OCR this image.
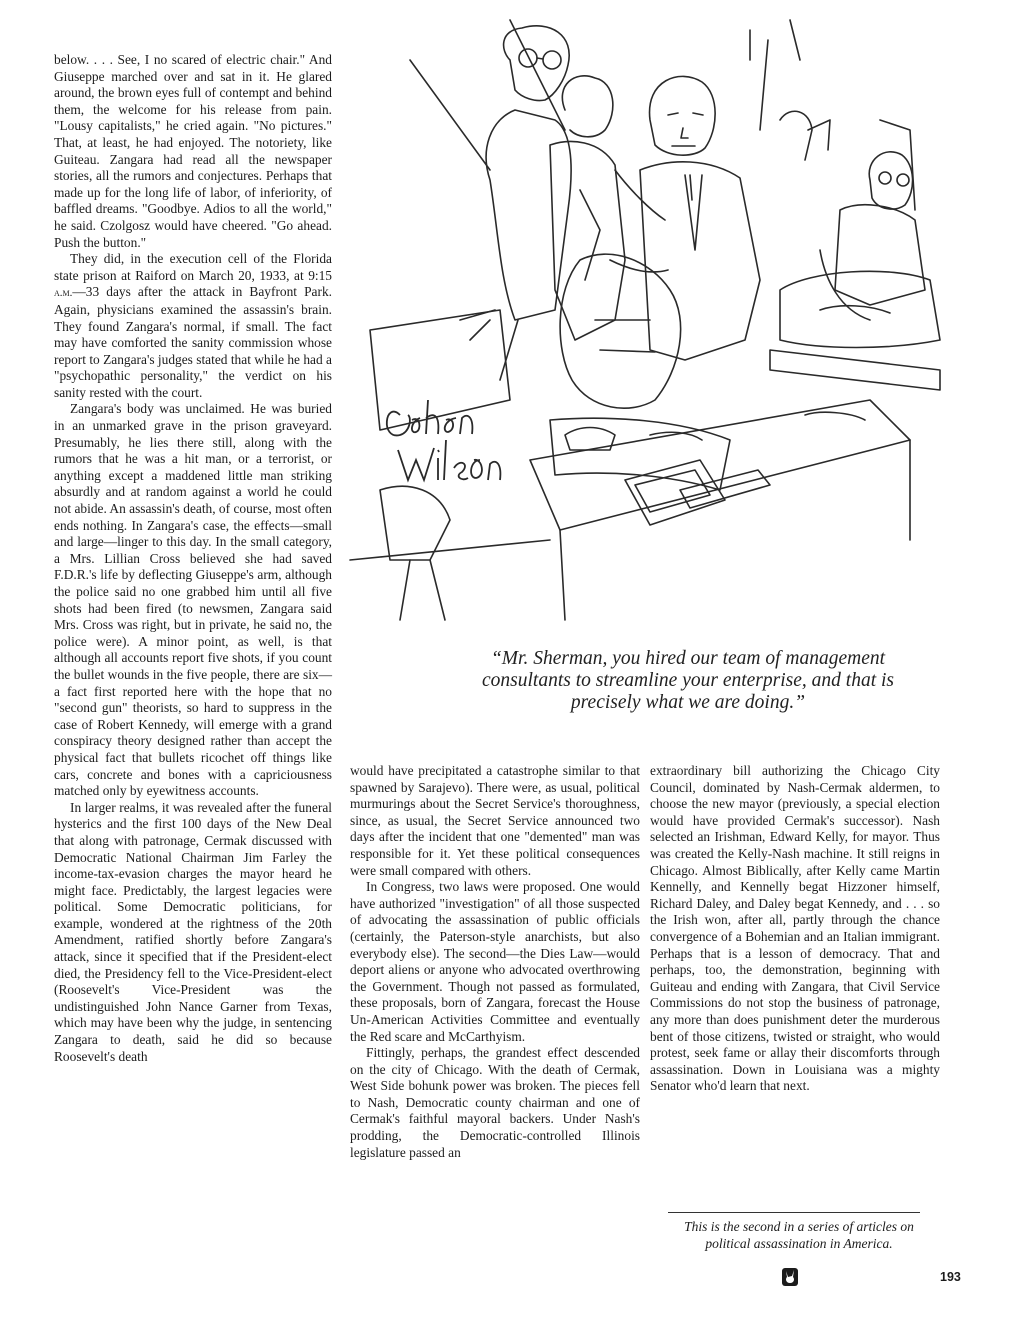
below. . . . See, I no scared of electric chair." And Giuseppe marched over and sat in it. He glared around, the brown eyes full of contempt and behind them, the welcome for his release from pain. "Lousy capitalists," he cried again. "No pictures." That, at least, he had enjoyed. The notoriety, like Guiteau. Zangara had read all the newspaper stories, all the rumors and conjectures. Perhaps that made up for the long life of labor, of inferiority, of baffled dreams. "Goodbye. Adios to all the world," he said. Czolgosz would have cheered. "Go ahead. Push the button."

They did, in the execution cell of the Florida state prison at Raiford on March 20, 1933, at 9:15 a.m.—33 days after the attack in Bayfront Park. Again, physicians examined the assassin's brain. They found Zangara's normal, if small. The fact may have comforted the sanity commission whose report to Zangara's judges stated that while he had a "psychopathic personality," the verdict on his sanity rested with the court.

Zangara's body was unclaimed. He was buried in an unmarked grave in the prison graveyard. Presumably, he lies there still, along with the rumors that he was a hit man, or a terrorist, or anything except a maddened little man striking absurdly and at random against a world he could not abide. An assassin's death, of course, most often ends nothing. In Zangara's case, the effects—small and large—linger to this day. In the small category, a Mrs. Lillian Cross believed she had saved F.D.R.'s life by deflecting Giuseppe's arm, although the police said no one grabbed him until all five shots had been fired (to newsmen, Zangara said Mrs. Cross was right, but in private, he said no, the police were). A minor point, as well, is that although all accounts report five shots, if you count the bullet wounds in the five people, there are six—a fact first reported here with the hope that no "second gun" theorists, so hard to suppress in the case of Robert Kennedy, will emerge with a grand conspiracy theory designed rather than accept the physical fact that bullets ricochet off things like cars, concrete and bones with a capriciousness matched only by eyewitness accounts.

In larger realms, it was revealed after the funeral hysterics and the first 100 days of the New Deal that along with patronage, Cermak discussed with Democratic National Chairman Jim Farley the income-tax-evasion charges the mayor heard he might face. Predictably, the largest legacies were political. Some Democratic politicians, for example, wondered at the rightness of the 20th Amendment, ratified shortly before Zangara's attack, since it specified that if the President-elect died, the Presidency fell to the Vice-President-elect (Roosevelt's Vice-President was the undistinguished John Nance Garner from Texas, which may have been why the judge, in sentencing Zangara to death, said he did so because Roosevelt's death

Gahan Wilson
“Mr. Sherman, you hired our team of management consultants to streamline your enterprise, and that is precisely what we are doing.”

would have precipitated a catastrophe similar to that spawned by Sarajevo). There were, as usual, political murmurings about the Secret Service's thoroughness, since, as usual, the Secret Service announced two days after the incident that one "demented" man was responsible for it. Yet these political consequences were small compared with others.

In Congress, two laws were proposed. One would have authorized "investigation" of all those suspected of advocating the assassination of public officials (certainly, the Paterson-style anarchists, but also everybody else). The second—the Dies Law—would deport aliens or anyone who advocated overthrowing the Government. Though not passed as formulated, these proposals, born of Zangara, forecast the House Un-American Activities Committee and eventually the Red scare and McCarthyism.

Fittingly, perhaps, the grandest effect descended on the city of Chicago. With the death of Cermak, West Side bohunk power was broken. The pieces fell to Nash, Democratic county chairman and one of Cermak's faithful mayoral backers. Under Nash's prodding, the Democratic-controlled Illinois legislature passed an

extraordinary bill authorizing the Chicago City Council, dominated by Nash-Cermak aldermen, to choose the new mayor (previously, a special election would have provided Cermak's successor). Nash selected an Irishman, Edward Kelly, for mayor. Thus was created the Kelly-Nash machine. It still reigns in Chicago. Almost Biblically, after Kelly came Martin Kennelly, and Kennelly begat Hizzoner himself, Richard Daley, and Daley begat Kennedy, and . . . so the Irish won, after all, partly through the chance convergence of a Bohemian and an Italian immigrant. Perhaps that is a lesson of democracy. That and perhaps, too, the demonstration, beginning with Guiteau and ending with Zangara, that Civil Service Commissions do not stop the business of patronage, any more than does punishment deter the murderous bent of those citizens, twisted or straight, who would protest, seek fame or allay their discomforts through assassination. Down in Louisiana was a mighty Senator who'd learn that next.

This is the second in a series of articles on political assassination in America.
193
